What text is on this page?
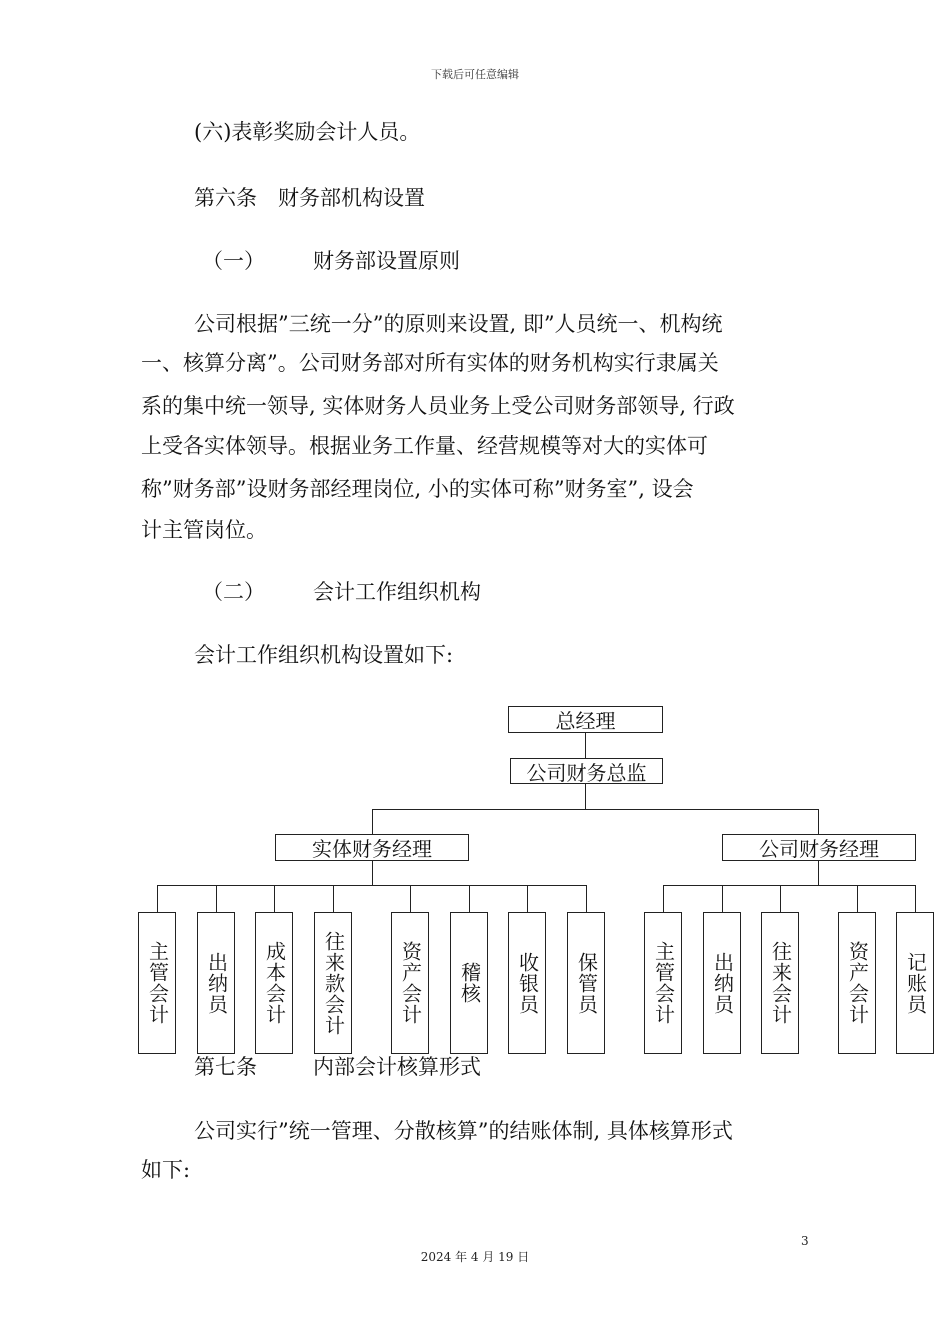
下载后可任意编辑
(六)表彰奖励会计人员。
第六条　财务部机构设置
（一） 财务部设置原则
公司根据”三统一分”的原则来设置, 即”人员统一、机构统
一、核算分离”。公司财务部对所有实体的财务机构实行隶属关
系的集中统一领导, 实体财务人员业务上受公司财务部领导, 行政
上受各实体领导。根据业务工作量、经营规模等对大的实体可
称”财务部”设财务部经理岗位, 小的实体可称”财务室”, 设会
计主管岗位。
（二） 会计工作组织机构
会计工作组织机构设置如下:
总经理
公司财务总监
实体财务经理	公司财务经理
主管会计	出纳员	成本会计	往来款会计	资产会计	稽核	收银员	保管员	主管会计	出纳员	往来会计	资产会计	记账员
第七条	内部会计核算形式
公司实行”统一管理、分散核算”的结账体制, 具体核算形式
如下:
3
2024 年 4 月 19 日
